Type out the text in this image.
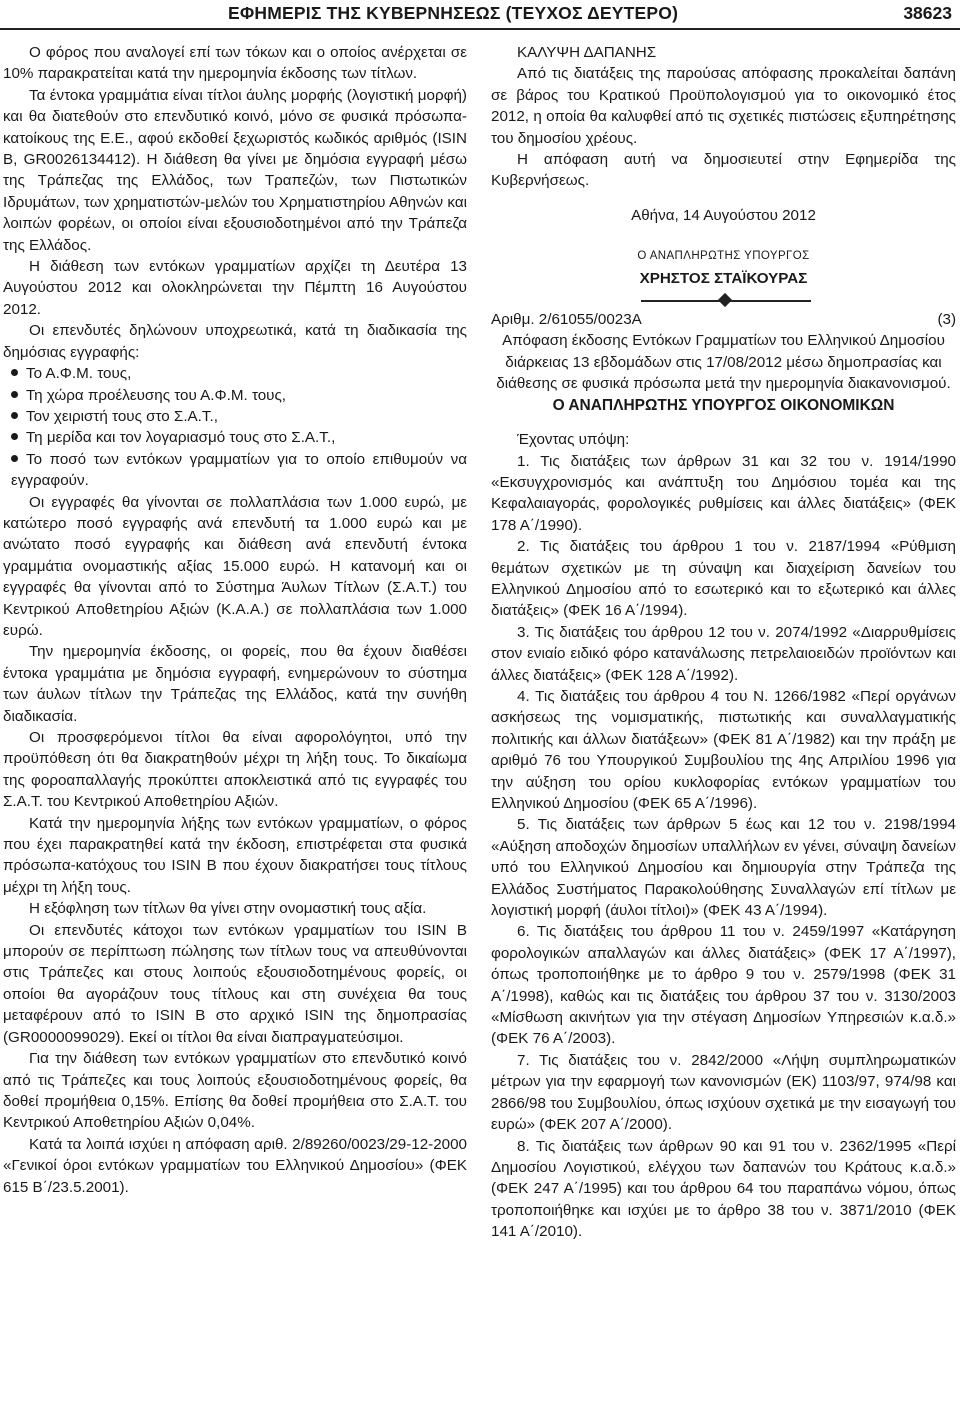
ΕΦΗΜΕΡΙΣ ΤΗΣ ΚΥΒΕΡΝΗΣΕΩΣ (ΤΕΥΧΟΣ ΔΕΥΤΕΡΟ)	38623

Ο φόρος που αναλογεί επί των τόκων και ο οποίος ανέρχεται σε 10% παρακρατείται κατά την ημερομηνία έκδοσης των τίτλων.

Τα έντοκα γραμμάτια είναι τίτλοι άυλης μορφής (λογιστική μορφή) και θα διατεθούν στο επενδυτικό κοινό, μόνο σε φυσικά πρόσωπα-κατοίκους της Ε.Ε., αφού εκδοθεί ξεχωριστός κωδικός αριθμός (ISIN B, GR0026134412). Η διάθεση θα γίνει με δημόσια εγγραφή μέσω της Τράπεζας της Ελλάδος, των Τραπεζών, των Πιστωτικών Ιδρυμάτων, των χρηματιστών-μελών του Χρηματιστηρίου Αθηνών και λοιπών φορέων, οι οποίοι είναι εξουσιοδοτημένοι από την Τράπεζα της Ελλάδος.

Η διάθεση των εντόκων γραμματίων αρχίζει τη Δευτέρα 13 Αυγούστου 2012 και ολοκληρώνεται την Πέμπτη 16 Αυγούστου 2012.

Οι επενδυτές δηλώνουν υποχρεωτικά, κατά τη διαδικασία της δημόσιας εγγραφής:

Το Α.Φ.Μ. τους,

Τη χώρα προέλευσης του Α.Φ.Μ. τους,

Τον χειριστή τους στο Σ.Α.Τ.,

Τη μερίδα και τον λογαριασμό τους στο Σ.Α.Τ.,

Το ποσό των εντόκων γραμματίων για το οποίο επιθυμούν να εγγραφούν.

Οι εγγραφές θα γίνονται σε πολλαπλάσια των 1.000 ευρώ, με κατώτερο ποσό εγγραφής ανά επενδυτή τα 1.000 ευρώ και με ανώτατο ποσό εγγραφής και διάθεση ανά επενδυτή έντοκα γραμμάτια ονομαστικής αξίας 15.000 ευρώ. Η κατανομή και οι εγγραφές θα γίνονται από το Σύστημα Άυλων Τίτλων (Σ.Α.Τ.) του Κεντρικού Αποθετηρίου Αξιών (Κ.Α.Α.) σε πολλαπλάσια των 1.000 ευρώ.

Την ημερομηνία έκδοσης, οι φορείς, που θα έχουν διαθέσει έντοκα γραμμάτια με δημόσια εγγραφή, ενημερώνουν το σύστημα των άυλων τίτλων την Τράπεζας της Ελλάδος, κατά την συνήθη διαδικασία.

Οι προσφερόμενοι τίτλοι θα είναι αφορολόγητοι, υπό την προϋπόθεση ότι θα διακρατηθούν μέχρι τη λήξη τους. Το δικαίωμα της φοροαπαλλαγής προκύπτει αποκλειστικά από τις εγγραφές του Σ.Α.Τ. του Κεντρικού Αποθετηρίου Αξιών.

Κατά την ημερομηνία λήξης των εντόκων γραμματίων, ο φόρος που έχει παρακρατηθεί κατά την έκδοση, επιστρέφεται στα φυσικά πρόσωπα-κατόχους του ISIN B που έχουν διακρατήσει τους τίτλους μέχρι τη λήξη τους.

Η εξόφληση των τίτλων θα γίνει στην ονομαστική τους αξία.

Οι επενδυτές κάτοχοι των εντόκων γραμματίων του ISIN B μπορούν σε περίπτωση πώλησης των τίτλων τους να απευθύνονται στις Τράπεζες και στους λοιπούς εξουσιοδοτημένους φορείς, οι οποίοι θα αγοράζουν τους τίτλους και στη συνέχεια θα τους μεταφέρουν από το ISIN B στο αρχικό ISIN της δημοπρασίας (GR0000099029). Εκεί οι τίτλοι θα είναι διαπραγματεύσιμοι.

Για την διάθεση των εντόκων γραμματίων στο επενδυτικό κοινό από τις Τράπεζες και τους λοιπούς εξουσιοδοτημένους φορείς, θα δοθεί προμήθεια 0,15%. Επίσης θα δοθεί προμήθεια στο Σ.Α.Τ. του Κεντρικού Αποθετηρίου Αξιών 0,04%.

Κατά τα λοιπά ισχύει η απόφαση αριθ. 2/89260/0023/29-12-2000 «Γενικοί όροι εντόκων γραμματίων του Ελληνικού Δημοσίου» (ΦΕΚ 615 Β΄/23.5.2001).

ΚΑΛΥΨΗ ΔΑΠΑΝΗΣ

Από τις διατάξεις της παρούσας απόφασης προκαλείται δαπάνη σε βάρος του Κρατικού Προϋπολογισμού για το οικονομικό έτος 2012, η οποία θα καλυφθεί από τις σχετικές πιστώσεις εξυπηρέτησης του δημοσίου χρέους.

Η απόφαση αυτή να δημοσιευτεί στην Εφημερίδα της Κυβερνήσεως.

Αθήνα, 14 Αυγούστου 2012

Ο ΑΝΑΠΛΗΡΩΤΗΣ ΥΠΟΥΡΓΟΣ

ΧΡΗΣΤΟΣ ΣΤΑΪΚΟΥΡΑΣ

Αριθμ. 2/61055/0023Α	(3)

Απόφαση έκδοσης Εντόκων Γραμματίων του Ελληνικού Δημοσίου διάρκειας 13 εβδομάδων στις 17/08/2012 μέσω δημοπρασίας και διάθεσης σε φυσικά πρόσωπα μετά την ημερομηνία διακανονισμού.

Ο ΑΝΑΠΛΗΡΩΤΗΣ ΥΠΟΥΡΓΟΣ ΟΙΚΟΝΟΜΙΚΩΝ

Έχοντας υπόψη:

1. Τις διατάξεις των άρθρων 31 και 32 του ν. 1914/1990 «Εκσυγχρονισμός και ανάπτυξη του Δημόσιου τομέα και της Κεφαλαιαγοράς, φορολογικές ρυθμίσεις και άλλες διατάξεις» (ΦΕΚ 178 Α΄/1990).

2. Τις διατάξεις του άρθρου 1 του ν. 2187/1994 «Ρύθμιση θεμάτων σχετικών με τη σύναψη και διαχείριση δανείων του Ελληνικού Δημοσίου από το εσωτερικό και το εξωτερικό και άλλες διατάξεις» (ΦΕΚ 16 Α΄/1994).

3. Τις διατάξεις του άρθρου 12 του ν. 2074/1992 «Διαρρυθμίσεις στον ενιαίο ειδικό φόρο κατανάλωσης πετρελαιοειδών προϊόντων και άλλες διατάξεις» (ΦΕΚ 128 Α΄/1992).

4. Τις διατάξεις του άρθρου 4 του Ν. 1266/1982 «Περί οργάνων ασκήσεως της νομισματικής, πιστωτικής και συναλλαγματικής πολιτικής και άλλων διατάξεων» (ΦΕΚ 81 Α΄/1982) και την πράξη με αριθμό 76 του Υπουργικού Συμβουλίου της 4ης Απριλίου 1996 για την αύξηση του ορίου κυκλοφορίας εντόκων γραμματίων του Ελληνικού Δημοσίου (ΦΕΚ 65 Α΄/1996).

5. Τις διατάξεις των άρθρων 5 έως και 12 του ν. 2198/1994 «Αύξηση αποδοχών δημοσίων υπαλλήλων εν γένει, σύναψη δανείων υπό του Ελληνικού Δημοσίου και δημιουργία στην Τράπεζα της Ελλάδος Συστήματος Παρακολούθησης Συναλλαγών επί τίτλων με λογιστική μορφή (άυλοι τίτλοι)» (ΦΕΚ 43 Α΄/1994).

6. Τις διατάξεις του άρθρου 11 του ν. 2459/1997 «Κατάργηση φορολογικών απαλλαγών και άλλες διατάξεις» (ΦΕΚ 17 Α΄/1997), όπως τροποποιήθηκε με το άρθρο 9 του ν. 2579/1998 (ΦΕΚ 31 Α΄/1998), καθώς και τις διατάξεις του άρθρου 37 του ν. 3130/2003 «Μίσθωση ακινήτων για την στέγαση Δημοσίων Υπηρεσιών κ.α.δ.» (ΦΕΚ 76 Α΄/2003).

7. Τις διατάξεις του ν. 2842/2000 «Λήψη συμπληρωματικών μέτρων για την εφαρμογή των κανονισμών (ΕΚ) 1103/97, 974/98 και 2866/98 του Συμβουλίου, όπως ισχύουν σχετικά με την εισαγωγή του ευρώ» (ΦΕΚ 207 Α΄/2000).

8. Τις διατάξεις των άρθρων 90 και 91 του ν. 2362/1995 «Περί Δημοσίου Λογιστικού, ελέγχου των δαπανών του Κράτους κ.α.δ.» (ΦΕΚ 247 Α΄/1995) και του άρθρου 64 του παραπάνω νόμου, όπως τροποποιήθηκε και ισχύει με το άρθρο 38 του ν. 3871/2010 (ΦΕΚ 141 Α΄/2010).
